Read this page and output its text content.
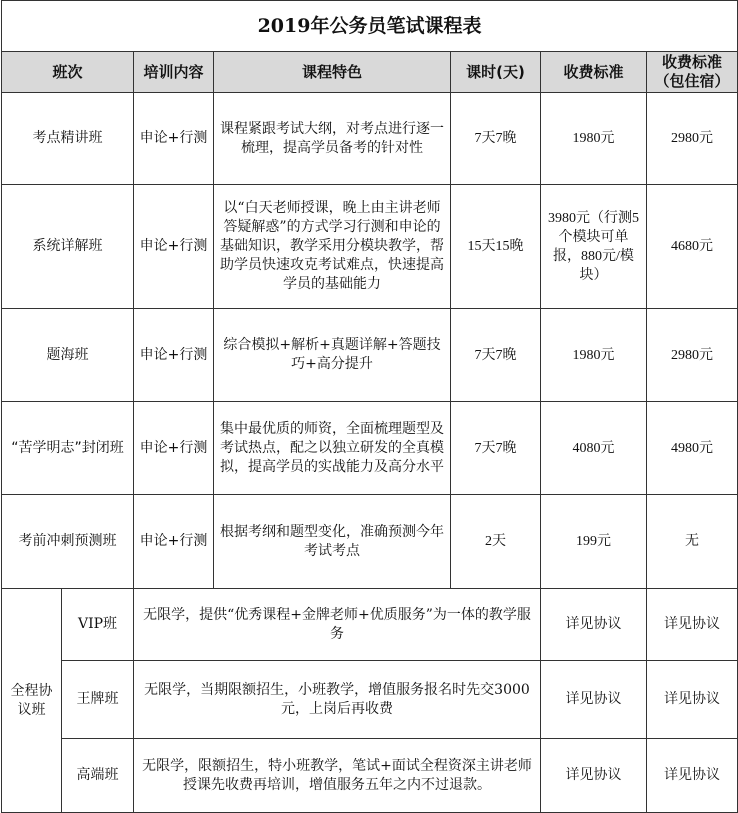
2019年公务员笔试课程表						
班次		培训内容	课程特色	课时(天)	收费标准	收费标准（包住宿）
考点精讲班		申论+行测	课程紧跟考试大纲，对考点进行逐一梳理，提高学员备考的针对性	7天7晚	1980元	2980元
系统详解班		申论+行测	以“白天老师授课，晚上由主讲老师答疑解惑”的方式学习行测和申论的基础知识，教学采用分模块教学，帮助学员快速攻克考试难点，快速提高学员的基础能力	15天15晚	3980元（行测5个模块可单报，880元/模块）	4680元
题海班		申论+行测	综合模拟+解析+真题详解+答题技巧+高分提升	7天7晚	1980元	2980元
“苦学明志”封闭班		申论+行测	集中最优质的师资，全面梳理题型及考试热点，配之以独立研发的全真模拟，提高学员的实战能力及高分水平	7天7晚	4080元	4980元
考前冲刺预测班		申论+行测	根据考纲和题型变化，准确预测今年考试考点	2天	199元	无
全程协议班	VIP班	无限学，提供“优秀课程+金牌老师+优质服务”为一体的教学服务			详见协议	详见协议
	王牌班	无限学，当期限额招生，小班教学，增值服务报名时先交3000元，上岗后再收费			详见协议	详见协议
	高端班	无限学，限额招生，特小班教学，笔试+面试全程资深主讲老师授课先收费再培训，增值服务五年之内不过退款。			详见协议	详见协议
